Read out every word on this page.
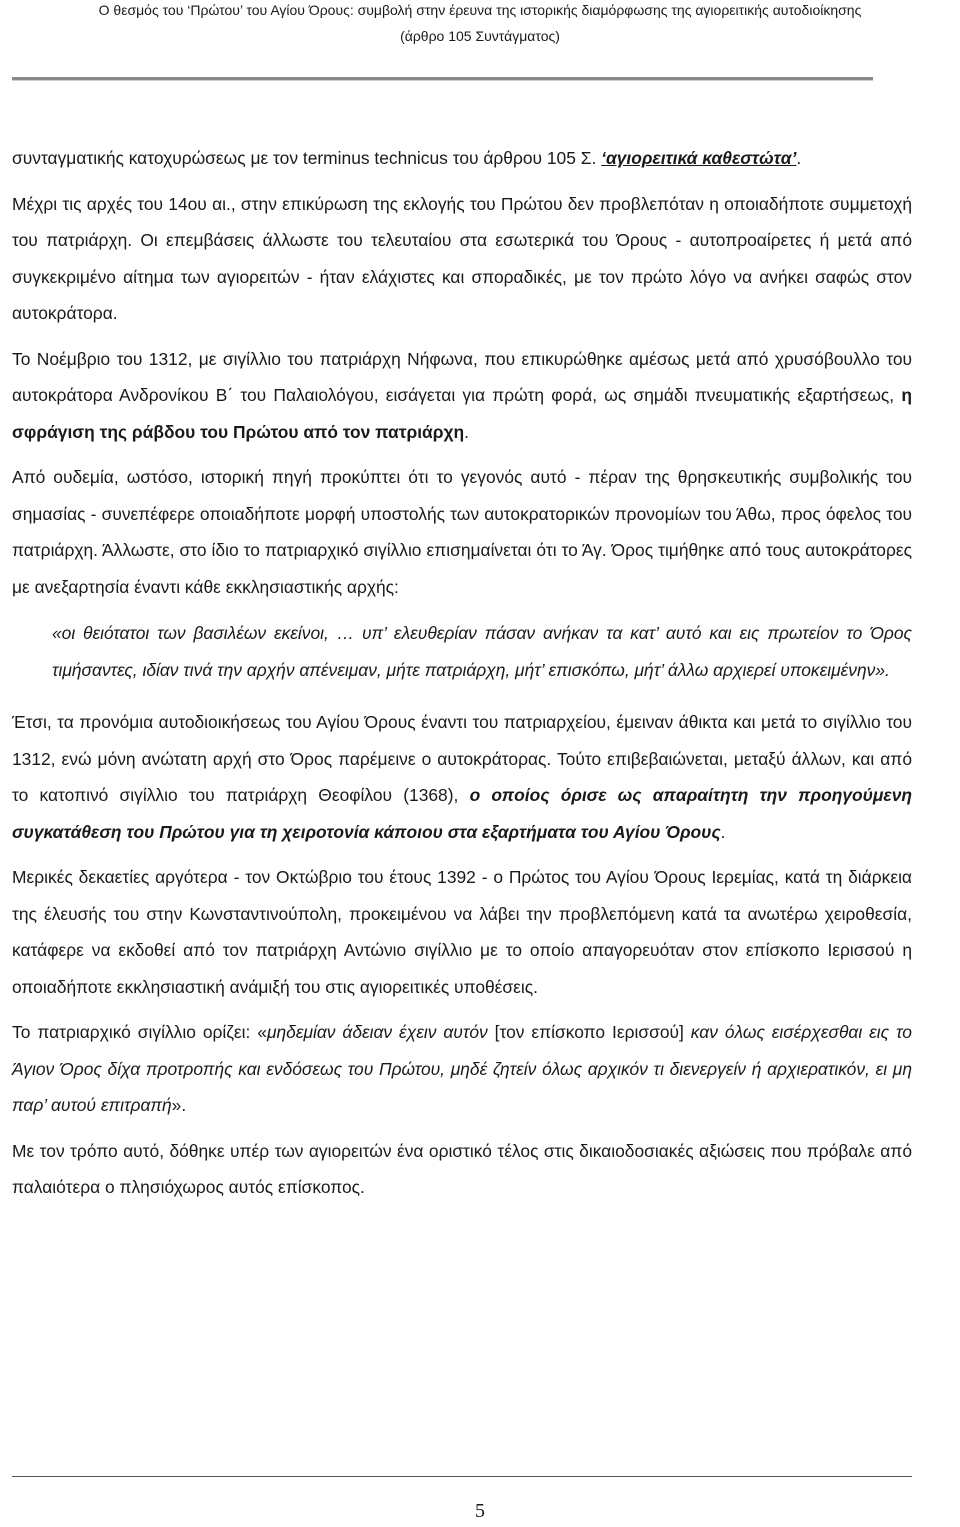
Ο θεσμός του ‘Πρώτου’ του Αγίου Όρους: συμβολή στην έρευνα της ιστορικής διαμόρφωσης της αγιορειτικής αυτοδιοίκησης
(άρθρο 105 Συντάγματος)

συνταγματικής κατοχυρώσεως με τον terminus technicus του άρθρου 105 Σ. ‘αγιορειτικά καθεστώτα’.

Μέχρι τις αρχές του 14ου αι., στην επικύρωση της εκλογής του Πρώτου δεν προβλεπόταν η οποιαδήποτε συμμετοχή του πατριάρχη. Οι επεμβάσεις άλλωστε του τελευταίου στα εσωτερικά του Όρους - αυτοπροαίρετες ή μετά από συγκεκριμένο αίτημα των αγιορειτών - ήταν ελάχιστες και σποραδικές, με τον πρώτο λόγο να ανήκει σαφώς στον αυτοκράτορα.

Το Νοέμβριο του 1312, με σιγίλλιο του πατριάρχη Νήφωνα, που επικυρώθηκε αμέσως μετά από χρυσόβουλλο του αυτοκράτορα Ανδρονίκου Β΄ του Παλαιολόγου, εισάγεται για πρώτη φορά, ως σημάδι πνευματικής εξαρτήσεως, η σφράγιση της ράβδου του Πρώτου από τον πατριάρχη.

Από ουδεμία, ωστόσο, ιστορική πηγή προκύπτει ότι το γεγονός αυτό - πέραν της θρησκευτικής συμβολικής του σημασίας - συνεπέφερε οποιαδήποτε μορφή υποστολής των αυτοκρατορικών προνομίων του Άθω, προς όφελος του πατριάρχη. Άλλωστε, στο ίδιο το πατριαρχικό σιγίλλιο επισημαίνεται ότι το Άγ. Όρος τιμήθηκε από τους αυτοκράτορες με ανεξαρτησία έναντι κάθε εκκλησιαστικής αρχής:

«οι θειότατοι των βασιλέων εκείνοι, … υπ’ ελευθερίαν πάσαν ανήκαν τα κατ’ αυτό και εις πρωτείον το Όρος τιμήσαντες, ιδίαν τινά την αρχήν απένειμαν, μήτε πατριάρχη, μήτ’ επισκόπω, μήτ’ άλλω αρχιερεί υποκειμένην».

Έτσι, τα προνόμια αυτοδιοικήσεως του Αγίου Όρους έναντι του πατριαρχείου, έμειναν άθικτα και μετά το σιγίλλιο του 1312, ενώ μόνη ανώτατη αρχή στο Όρος παρέμεινε ο αυτοκράτορας. Τούτο επιβεβαιώνεται, μεταξύ άλλων, και από το κατοπινό σιγίλλιο του πατριάρχη Θεοφίλου (1368), ο οποίος όρισε ως απαραίτητη την προηγούμενη συγκατάθεση του Πρώτου για τη χειροτονία κάποιου στα εξαρτήματα του Αγίου Όρους.

Μερικές δεκαετίες αργότερα - τον Οκτώβριο του έτους 1392 - ο Πρώτος του Αγίου Όρους Ιερεμίας, κατά τη διάρκεια της έλευσής του στην Κωνσταντινούπολη, προκειμένου να λάβει την προβλεπόμενη κατά τα ανωτέρω χειροθεσία, κατάφερε να εκδοθεί από τον πατριάρχη Αντώνιο σιγίλλιο με το οποίο απαγορευόταν στον επίσκοπο Ιερισσού η οποιαδήποτε εκκλησιαστική ανάμιξή του στις αγιορειτικές υποθέσεις.

Το πατριαρχικό σιγίλλιο ορίζει: «μηδεμίαν άδειαν έχειν αυτόν [τον επίσκοπο Ιερισσού] καν όλως εισέρχεσθαι εις το Άγιον Όρος δίχα προτροπής και ενδόσεως του Πρώτου, μηδέ ζητείν όλως αρχικόν τι διενεργείν ή αρχιερατικόν, ει μη παρ’ αυτού επιτραπή».

Με τον τρόπο αυτό, δόθηκε υπέρ των αγιορειτών ένα οριστικό τέλος στις δικαιοδοσιακές αξιώσεις που πρόβαλε από παλαιότερα ο πλησιόχωρος αυτός επίσκοπος.

5
